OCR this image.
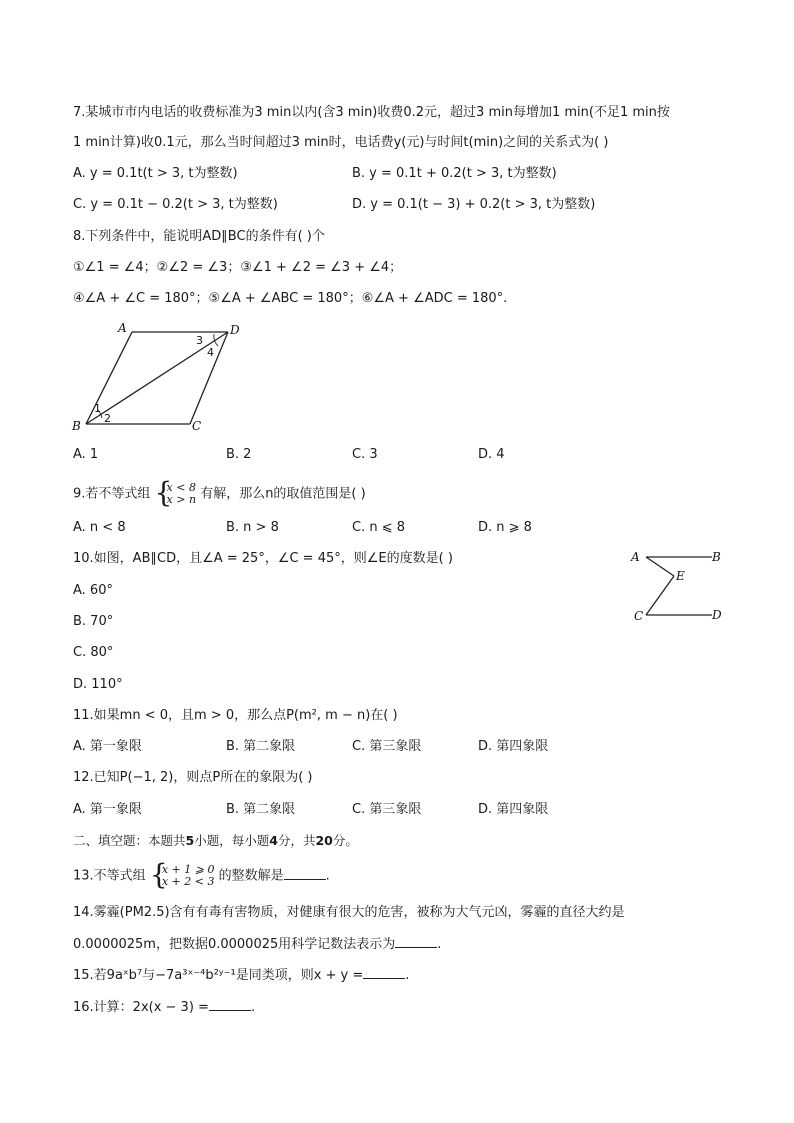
7.某城市市内电话的收费标准为3 min以内(含3 min)收费0.2元，超过3 min每增加1 min(不足1 min按
1 min计算)收0.1元，那么当时间超过3 min时，电话费y(元)与时间t(min)之间的关系式为( )
A. y = 0.1t(t > 3, t为整数)	B. y = 0.1t + 0.2(t > 3, t为整数)
C. y = 0.1t − 0.2(t > 3, t为整数)	D. y = 0.1(t − 3) + 0.2(t > 3, t为整数)
8.下列条件中，能说明AD∥BC的条件有( )个
①∠1 = ∠4；②∠2 = ∠3；③∠1 + ∠2 = ∠3 + ∠4；
④∠A + ∠C = 180°；⑤∠A + ∠ABC = 180°；⑥∠A + ∠ADC = 180°.
A	D
B	C
1
2
3
4
A. 1	B. 2	C. 3	D. 4
9.若不等式组 {
x < 8
x > n 有解，那么n的取值范围是( )
A. n < 8	B. n > 8	C. n ⩽ 8	D. n ⩾ 8
10.如图，AB∥CD，且∠A = 25°，∠C = 45°，则∠E的度数是( )
A. 60°
B. 70°
C. 80°
D. 110°
A	B
E
C	D
11.如果mn < 0，且m > 0，那么点P(m², m − n)在( )
A. 第一象限	B. 第二象限	C. 第三象限	D. 第四象限
12.已知P(−1, 2)，则点P所在的象限为( )
A. 第一象限	B. 第二象限	C. 第三象限	D. 第四象限
二、填空题：本题共5小题，每小题4分，共20分。
13.不等式组 {
x + 1 ⩾ 0
x + 2 < 3 的整数解是	.
14.雾霾(PM2.5)含有有毒有害物质，对健康有很大的危害，被称为大气元凶，雾霾的直径大约是
0.0000025m，把数据0.0000025用科学记数法表示为	.
15.若9aˣb⁷与−7a³ˣ⁻⁴b²ʸ⁻¹是同类项，则x + y =	.
16.计算：2x(x − 3) =	.
